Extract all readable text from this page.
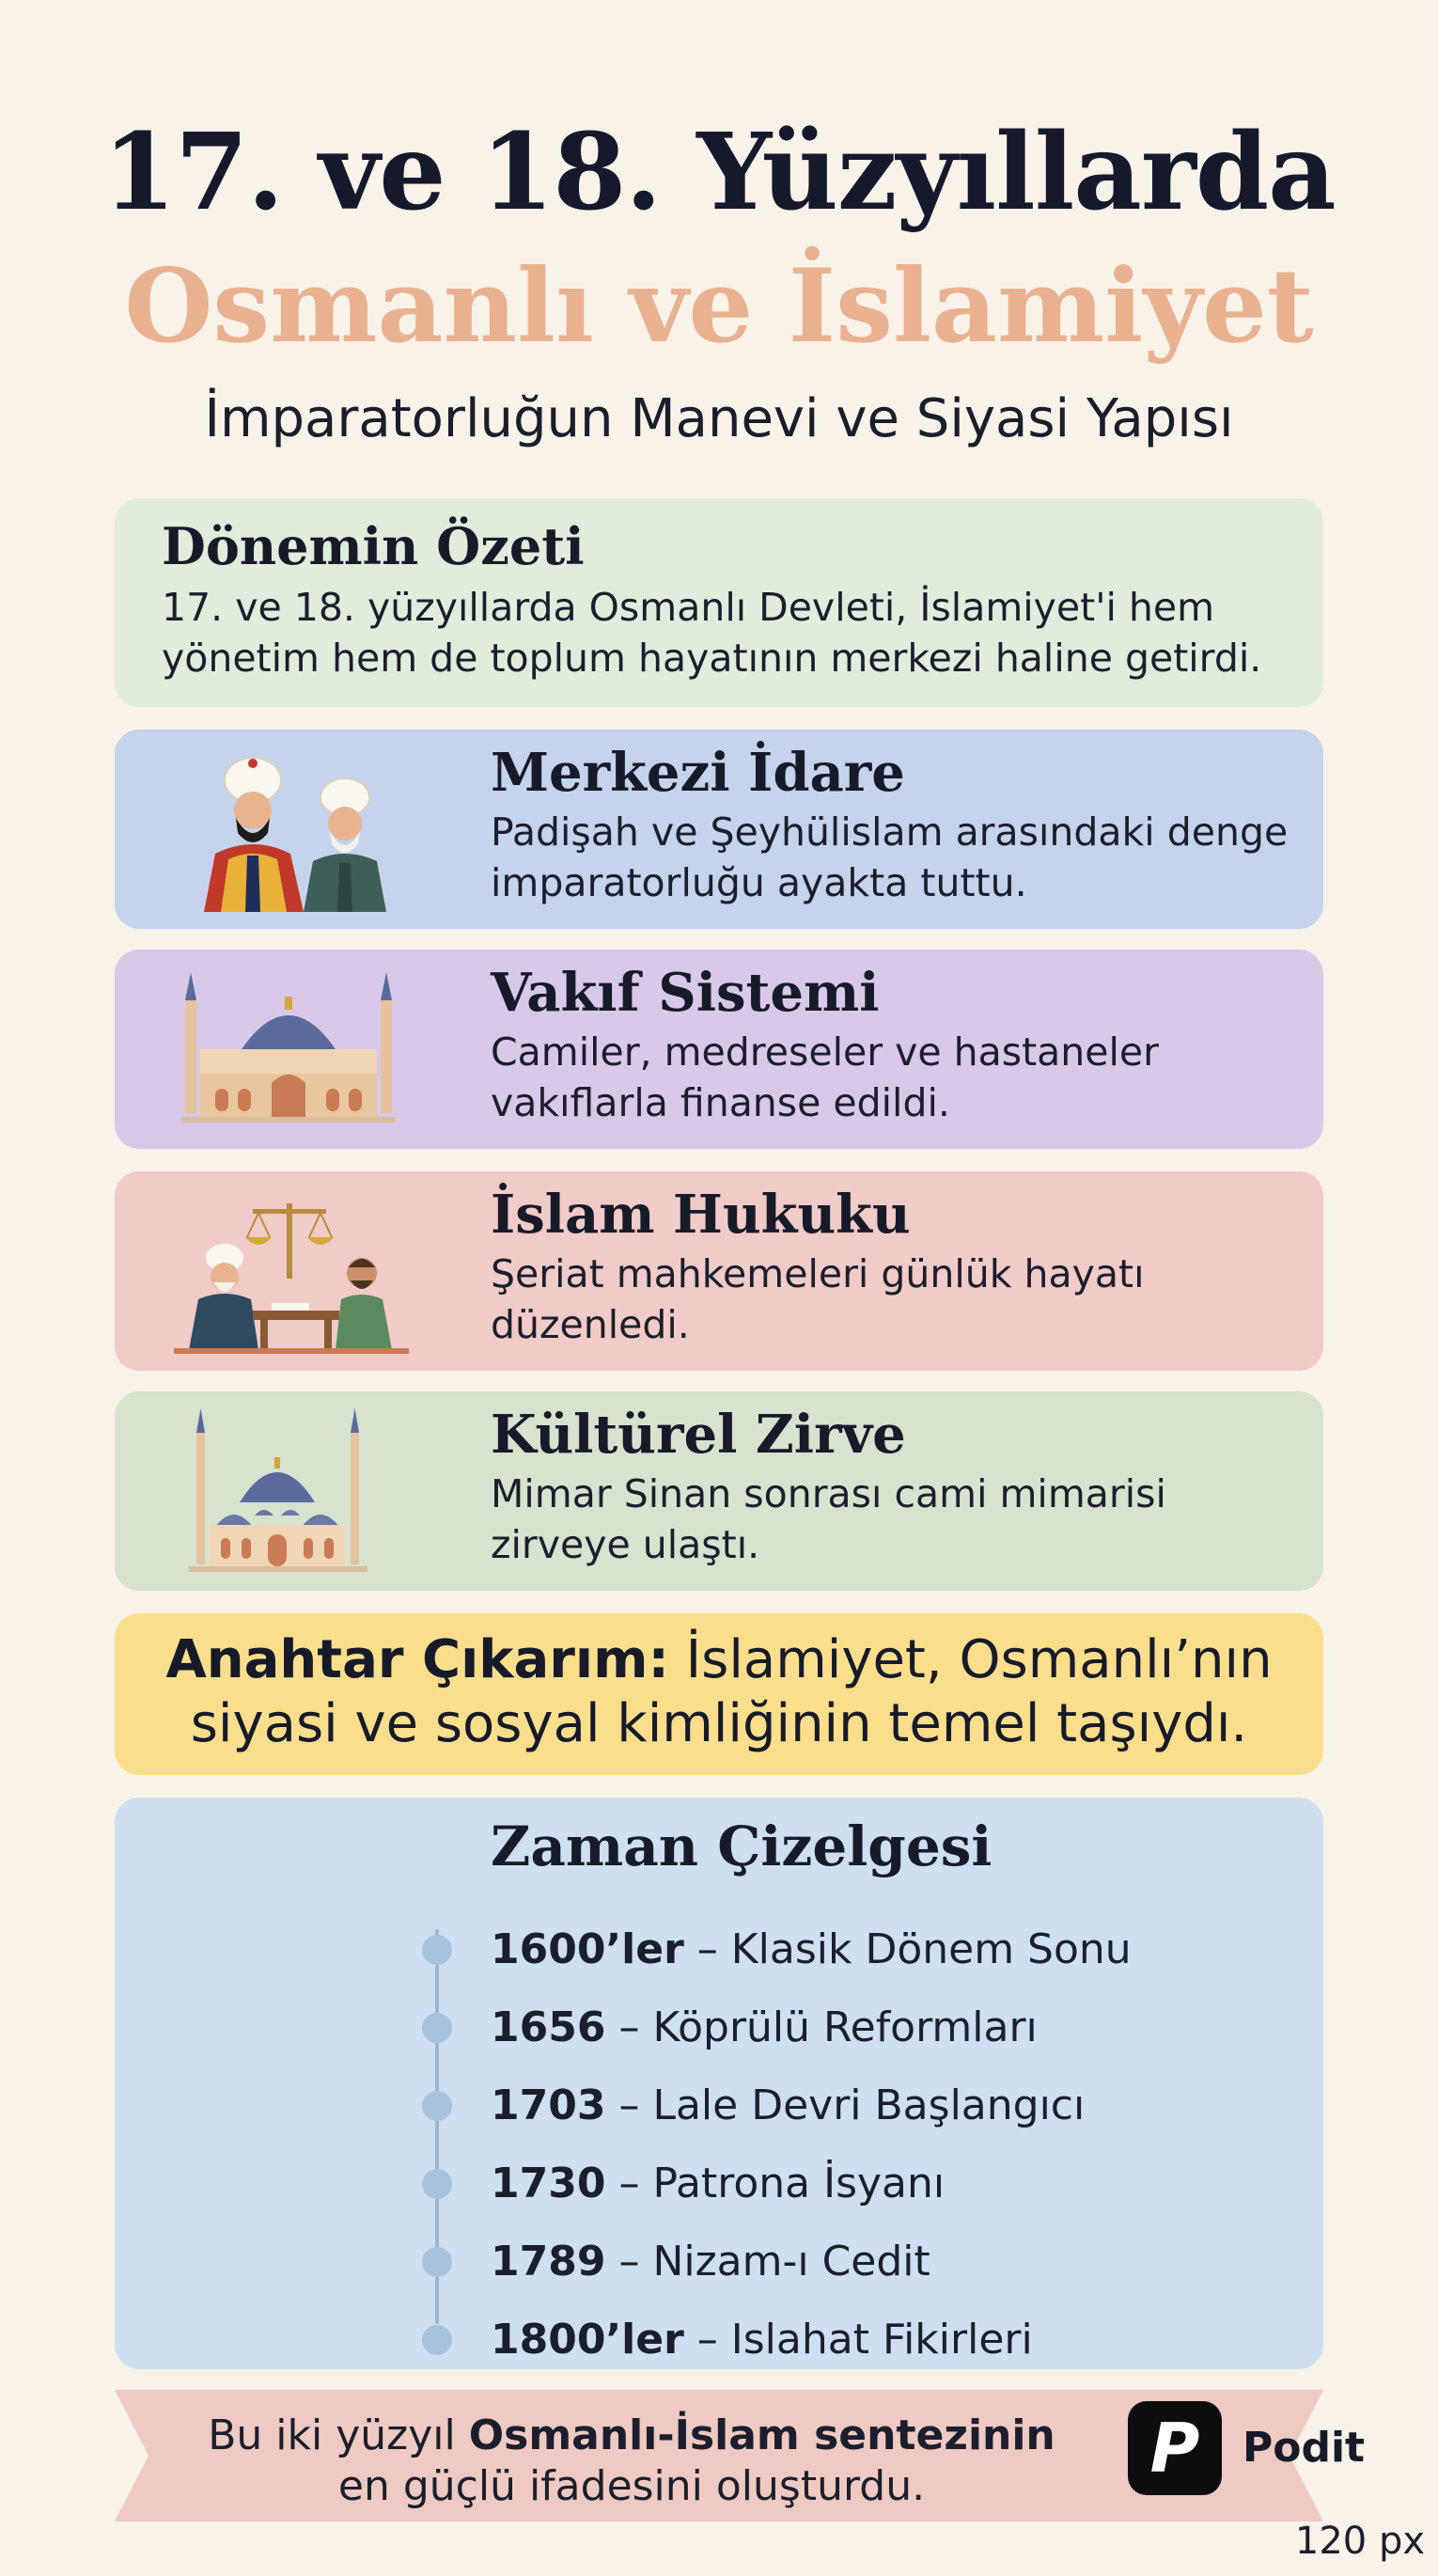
17. ve 18. Yüzyıllarda
Osmanlı ve İslamiyet
İmparatorluğun Manevi ve Siyasi Yapısı
Dönemin Özeti

17. ve 18. yüzyıllarda Osmanlı Devleti, İslamiyet'i hem yönetim hem de toplum hayatının merkezi haline getirdi.

Merkezi İdare

Padişah ve Şeyhülislam arasındaki denge imparatorluğu ayakta tuttu.

Vakıf Sistemi

Camiler, medreseler ve hastaneler vakıflarla finanse edildi.

İslam Hukuku

Şeriat mahkemeleri günlük hayatı düzenledi.

Kültürel Zirve

Mimar Sinan sonrası cami mimarisi zirveye ulaştı.

Anahtar Çıkarım: İslamiyet, Osmanlı’nın
siyasi ve sosyal kimliğinin temel taşıydı.
Zaman Çizelgesi
1600’ler – Klasik Dönem Sonu
1656 – Köprülü Reformları
1703 – Lale Devri Başlangıcı
1730 – Patrona İsyanı
1789 – Nizam-ı Cedit
1800’ler – Islahat Fikirleri
Bu iki yüzyıl Osmanlı-İslam sentezinin
en güçlü ifadesini oluşturdu.	P	Podit
120 px
